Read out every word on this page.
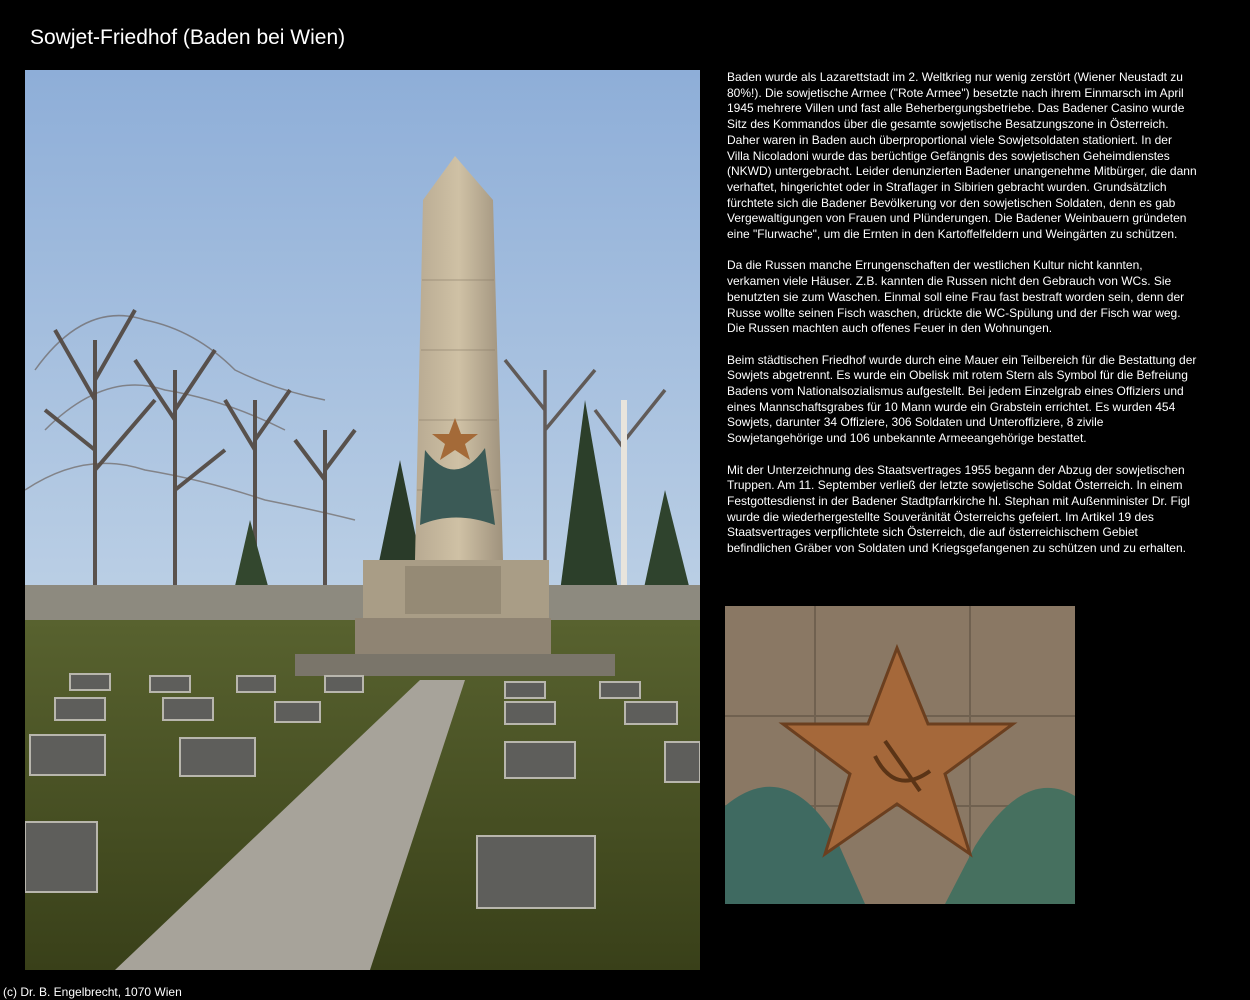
Sowjet-Friedhof (Baden bei Wien)

Baden wurde als Lazarettstadt im 2. Weltkrieg nur wenig zerstört (Wiener Neustadt zu 80%!). Die sowjetische Armee ("Rote Armee") besetzte nach ihrem Einmarsch im April 1945 mehrere Villen und fast alle Beherbergungsbetriebe. Das Badener Casino wurde Sitz des Kommandos über die gesamte sowjetische Besatzungszone in Österreich. Daher waren in Baden auch überproportional viele Sowjetsoldaten stationiert. In der Villa Nicoladoni wurde das berüchtige Gefängnis des sowjetischen Geheimdienstes (NKWD) untergebracht. Leider denunzierten Badener unangenehme Mitbürger, die dann verhaftet, hingerichtet oder in Straflager in Sibirien gebracht wurden. Grundsätzlich fürchtete sich die Badener Bevölkerung vor den sowjetischen Soldaten, denn es gab Vergewaltigungen von Frauen und Plünderungen. Die Badener Weinbauern gründeten eine "Flurwache", um die Ernten in den Kartoffelfeldern und Weingärten zu schützen.

Da die Russen manche Errungenschaften der westlichen Kultur nicht kannten, verkamen viele Häuser. Z.B. kannten die Russen nicht den Gebrauch von WCs. Sie benutzten sie zum Waschen. Einmal soll eine Frau fast bestraft worden sein, denn der Russe wollte seinen Fisch waschen, drückte die WC-Spülung und der Fisch war weg. Die Russen machten auch offenes Feuer in den Wohnungen.

Beim städtischen Friedhof wurde durch eine Mauer ein Teilbereich für die Bestattung der Sowjets abgetrennt. Es wurde ein Obelisk mit rotem Stern als Symbol für die Befreiung Badens vom Nationalsozialismus aufgestellt. Bei jedem Einzelgrab eines Offiziers und eines Mannschaftsgrabes für 10 Mann wurde ein Grabstein errichtet. Es wurden 454 Sowjets, darunter 34 Offiziere, 306 Soldaten und Unteroffiziere, 8 zivile Sowjetangehörige und 106 unbekannte Armeeangehörige bestattet.

Mit der Unterzeichnung des Staatsvertrages 1955 begann der Abzug der sowjetischen Truppen. Am 11. September verließ der letzte sowjetische Soldat Österreich. In einem Festgottesdienst in der Badener Stadtpfarrkirche hl. Stephan mit Außenminister Dr. Figl wurde die wiederhergestellte Souveränität Österreichs gefeiert. Im Artikel 19 des Staatsvertrages verpflichtete sich Österreich, die auf österreichischem Gebiet befindlichen Gräber von Soldaten und Kriegsgefangenen zu schützen und zu erhalten.

(c) Dr. B. Engelbrecht, 1070 Wien
